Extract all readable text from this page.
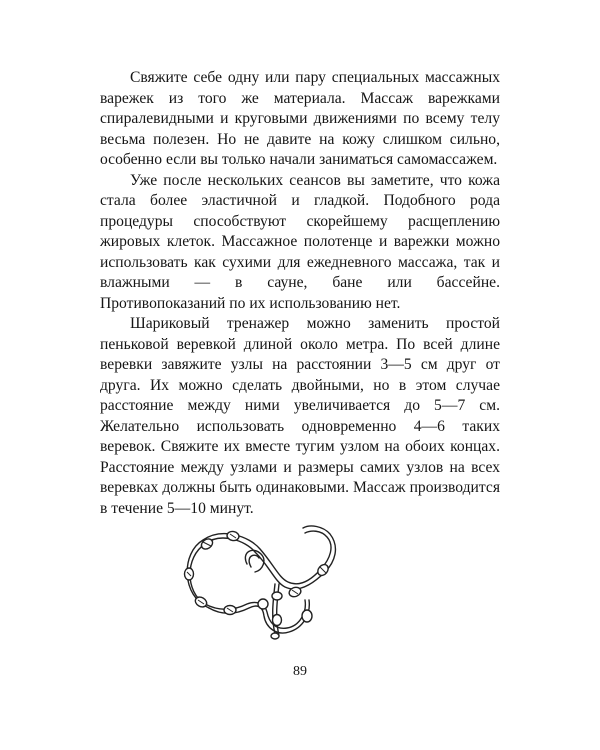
Свяжите себе одну или пару специальных массажных варежек из того же материала. Массаж варежками спиралевидными и круговыми движениями по всему телу весьма полезен. Но не давите на кожу слишком сильно, особенно если вы только начали заниматься самомассажем.

Уже после нескольких сеансов вы заметите, что кожа стала более эластичной и гладкой. Подобного рода процедуры способствуют скорейшему расщеплению жировых клеток. Массажное полотенце и варежки можно использовать как сухими для ежедневного массажа, так и влажными — в сауне, бане или бассейне. Противопоказаний по их использованию нет.

Шариковый тренажер можно заменить простой пеньковой веревкой длиной около метра. По всей длине веревки завяжите узлы на расстоянии 3—5 см друг от друга. Их можно сделать двойными, но в этом случае расстояние между ними увеличивается до 5—7 см. Желательно использовать одновременно 4—6 таких веревок. Свяжите их вместе тугим узлом на обоих концах. Расстояние между узлами и размеры самих узлов на всех веревках должны быть одинаковыми. Массаж производится в течение 5—10 минут.

89
